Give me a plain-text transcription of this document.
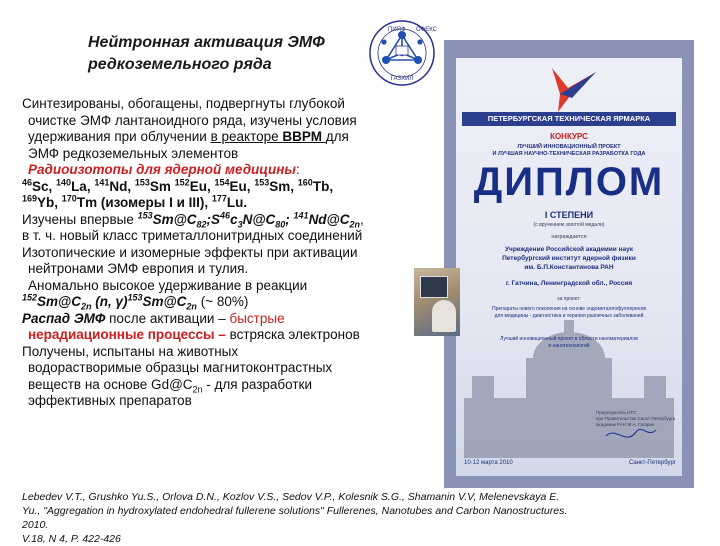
Нейтронная активация ЭМФ
редкоземельного ряда
ПИЯФ ОФЕКС
ГАЗХИЛ
ПЕТЕРБУРГСКАЯ ТЕХНИЧЕСКАЯ ЯРМАРКА
КОНКУРС
ЛУЧШИЙ ИННОВАЦИОННЫЙ ПРОЕКТ
И ЛУЧШАЯ НАУЧНО-ТЕХНИЧЕСКАЯ РАЗРАБОТКА ГОДА
ДИПЛОМ
I СТЕПЕНИ
(с вручением золотой медали)
награждается
Учреждение Российской академии наук
Петербургский институт ядерной физики
им. Б.П.Константинова РАН
г. Гатчина, Ленинградской обл., Россия
за проект:
Препараты нового поколения на основе эндометаллофуллеренов
для медицины - диагностика и терапия различных заболеваний
Лучший инновационный проект в области наноматериалов
и нанотехнологий
Председатель НТС
при Правительстве Санкт-Петербурга
академик РАН Ж.А. Гагарин
10-12 марта 2010	Санкт-Петербург
Синтезированы, обогащены, подвергнуты глубокой
очистке ЭМФ лантаноидного ряда, изучены условия
удерживания при облучении в реакторе ВВРМ для
ЭМФ редкоземельных элементов
Радиоизотопы для ядерной медицины:
$^{46}$Sc, $^{140}$La, $^{141}$Nd, $^{153}$Sm $^{152}$Eu, $^{154}$Eu, $^{153}$Sm, $^{160}$Tb,
$^{169}$Yb, $^{170}$Tm (изомеры I и III), $^{177}$Lu.
Изучены впервые $^{153}Sm@C_{82};S^{46}c_3N@C_{80}$; $^{141}Nd@C_{2n}$,
в т. ч. новый класс триметаллонитридных соединений
Изотопические и изомерные эффекты при активации
нейтронами ЭМФ европия и тулия.
Аномально высокое удерживание в реакции
$^{152}Sm@C_{2n}$ (n, $\gamma)^{153}Sm@C_{2n}$ (~ 80%)
Распад ЭМФ после активации – быстрые
нерадиационные процессы – встряска электронов
Получены, испытаны на животных
водорастворимые образцы магнитоконтрастных
веществ на основе $Gd@C_{2n}$ - для разработки
эффективных препаратов
Lebedev V.T., Grushko Yu.S., Orlova D.N., Kozlov V.S., Sedov V.P., Kolesnik S.G., Shamanin V.V, Melenevskaya E.
Yu., "Aggregation in hydroxylated endohedral fullerene solutions" Fullerenes, Nanotubes and Carbon Nanostructures.
2010.
V.18, N 4, P. 422-426
